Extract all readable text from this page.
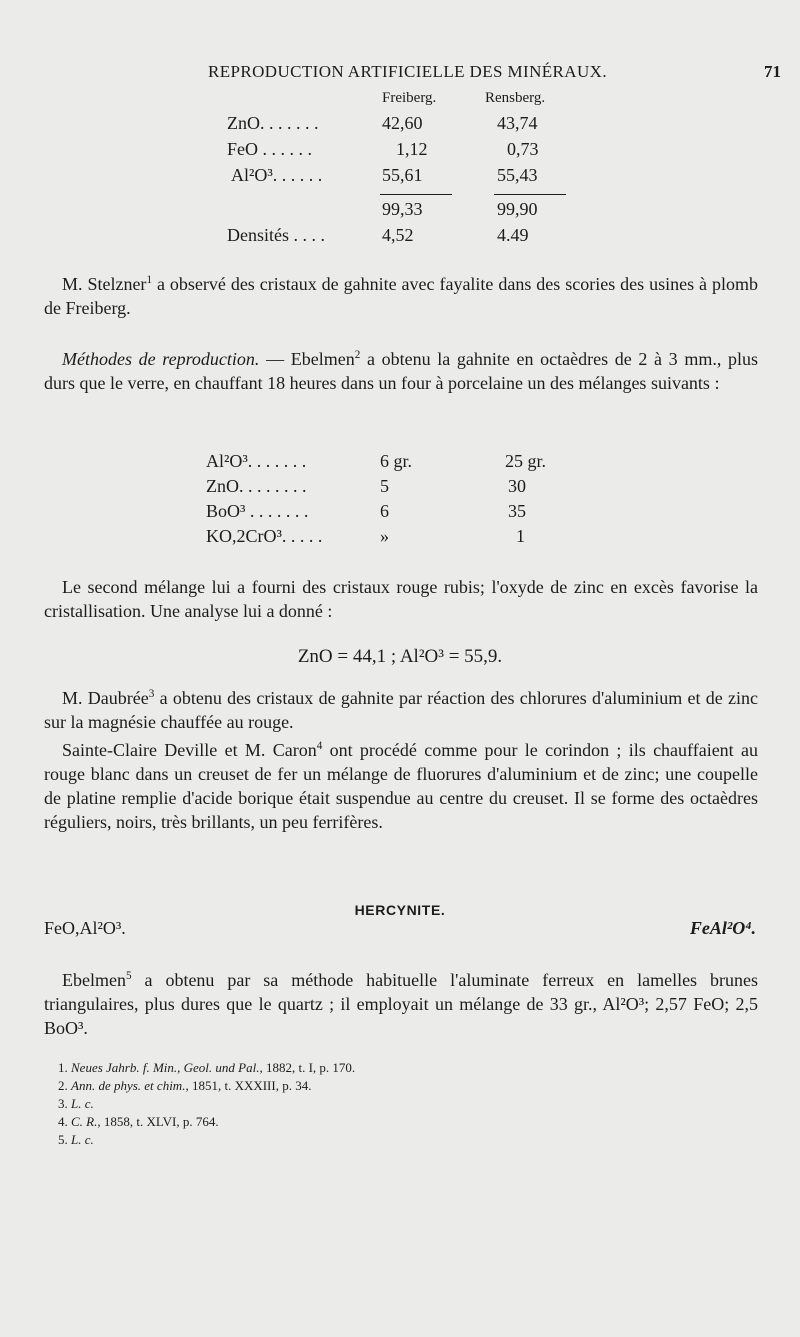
REPRODUCTION ARTIFICIELLE DES MINÉRAUX.	71
Freiberg.	Rensberg.
ZnO. . . . . . .	42,60	43,74
FeO . . . . . .	1,12	0,73
Al²O³. . . . . .	55,61	55,43
99,33	99,90
Densités . . . .	4,52	4.49
M. Stelzner$^1$ a observé des cristaux de gahnite avec fayalite dans des scories des usines à plomb de Freiberg.
Méthodes de reproduction. — Ebelmen$^2$ a obtenu la gahnite en octaèdres de 2 à 3 mm., plus durs que le verre, en chauffant 18 heures dans un four à porcelaine un des mélanges suivants :
Al²O³. . . . . . .	6 gr.	25 gr.
ZnO. . . . . . . .	5	30
BoO³ . . . . . . .	6	35
KO,2CrO³. . . . .	»	1
Le second mélange lui a fourni des cristaux rouge rubis; l'oxyde de zinc en excès favorise la cristallisation. Une analyse lui a donné :
ZnO = 44,1 ; Al²O³ = 55,9.
M. Daubrée$^3$ a obtenu des cristaux de gahnite par réaction des chlorures d'aluminium et de zinc sur la magnésie chauffée au rouge.
Sainte-Claire Deville et M. Caron$^4$ ont procédé comme pour le corindon ; ils chauffaient au rouge blanc dans un creuset de fer un mélange de fluorures d'aluminium et de zinc; une coupelle de platine remplie d'acide borique était suspendue au centre du creuset. Il se forme des octaèdres réguliers, noirs, très brillants, un peu ferrifères.
HERCYNITE.
FeO,Al²O³.	FeAl²O⁴.
Ebelmen$^5$ a obtenu par sa méthode habituelle l'aluminate ferreux en lamelles brunes triangulaires, plus dures que le quartz ; il employait un mélange de 33 gr., Al²O³; 2,57 FeO; 2,5 BoO³.
1. Neues Jahrb. f. Min., Geol. und Pal., 1882, t. I, p. 170.
2. Ann. de phys. et chim., 1851, t. XXXIII, p. 34.
3. L. c.
4. C. R., 1858, t. XLVI, p. 764.
5. L. c.
